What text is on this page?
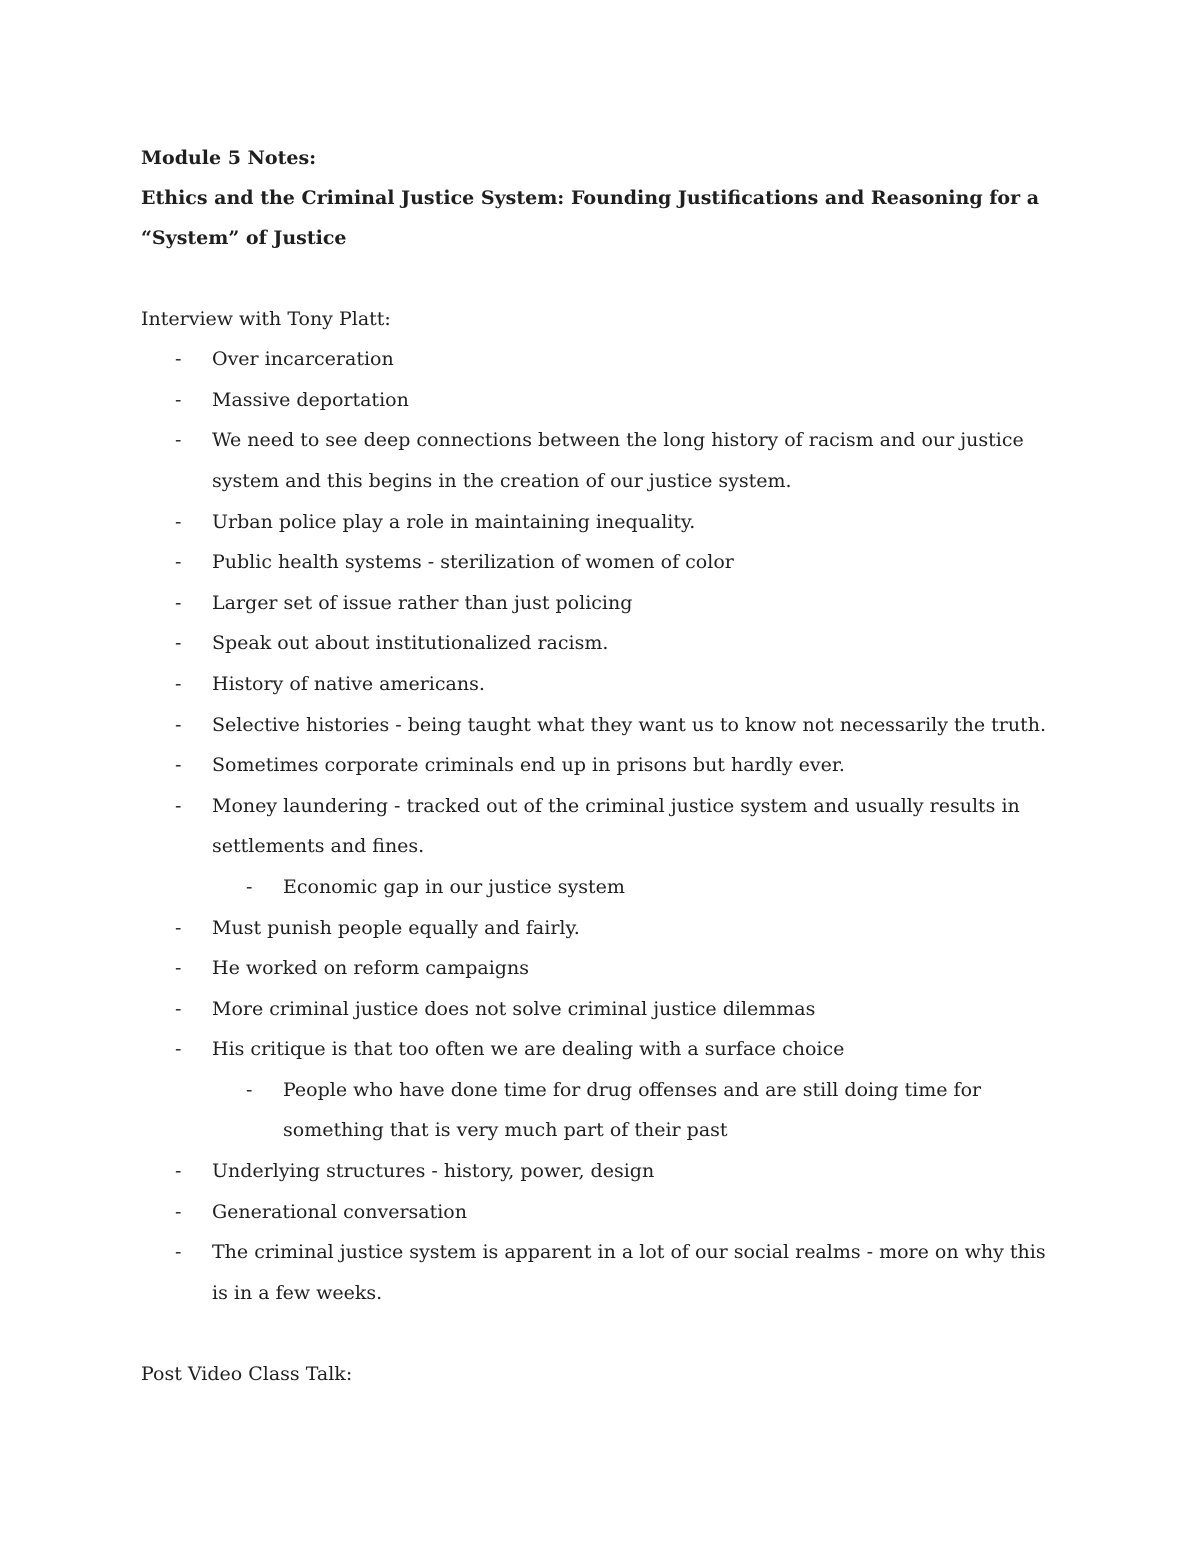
Module 5 Notes:

Ethics and the Criminal Justice System: Founding Justifications and Reasoning for a

“System” of Justice

Interview with Tony Platt:

- Over incarceration
- Massive deportation
- We need to see deep connections between the long history of racism and our justice system and this begins in the creation of our justice system.
- Urban police play a role in maintaining inequality.
- Public health systems - sterilization of women of color
- Larger set of issue rather than just policing
- Speak out about institutionalized racism.
- History of native americans.
- Selective histories - being taught what they want us to know not necessarily the truth.
- Sometimes corporate criminals end up in prisons but hardly ever.
- Money laundering - tracked out of the criminal justice system and usually results in settlements and fines.
- Economic gap in our justice system
- Must punish people equally and fairly.
- He worked on reform campaigns
- More criminal justice does not solve criminal justice dilemmas
- His critique is that too often we are dealing with a surface choice
- People who have done time for drug offenses and are still doing time for something that is very much part of their past
- Underlying structures - history, power, design
- Generational conversation
- The criminal justice system is apparent in a lot of our social realms - more on why this is in a few weeks.

Post Video Class Talk:
